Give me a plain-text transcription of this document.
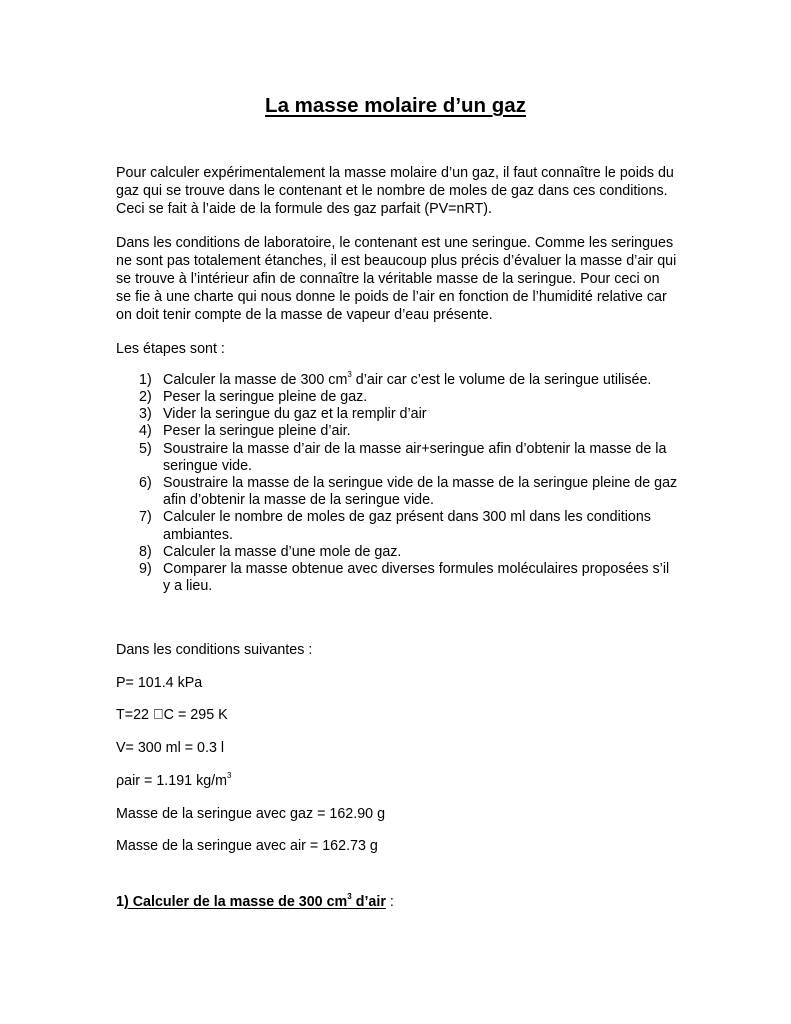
La masse molaire d’un gaz

Pour calculer expérimentalement la masse molaire d’un gaz, il faut connaître le poids du gaz qui se trouve dans le contenant et le nombre de moles de gaz dans ces conditions. Ceci se fait à l’aide de la formule des gaz parfait (PV=nRT).

Dans les conditions de laboratoire, le contenant est une seringue. Comme les seringues ne sont pas totalement étanches, il est beaucoup plus précis d’évaluer la masse d’air qui se trouve à l’intérieur afin de connaître la véritable masse de la seringue. Pour ceci on se fie à une charte qui nous donne le poids de l’air en fonction de l’humidité relative car on doit tenir compte de la masse de vapeur d’eau présente.

Les étapes sont :

1) Calculer la masse de 300 $cm^3$ d’air car c’est le volume de la seringue utilisée.
2) Peser la seringue pleine de gaz.
3) Vider la seringue du gaz et la remplir d’air
4) Peser la seringue pleine d’air.
5) Soustraire la masse d’air de la masse air+seringue afin d’obtenir la masse de la seringue vide.
6) Soustraire la masse de la seringue vide de la masse de la seringue pleine de gaz afin d’obtenir la masse de la seringue vide.
7) Calculer le nombre de moles de gaz présent dans 300 ml dans les conditions ambiantes.
8) Calculer la masse d’une mole de gaz.
9) Comparer la masse obtenue avec diverses formules moléculaires proposées s’il y a lieu.

Dans les conditions suivantes :

P= 101.4 kPa

T=22 C = 295 K

V= 300 ml = 0.3 l

ρair = 1.191 $kg/m^3$

Masse de la seringue avec gaz = 162.90 g

Masse de la seringue avec air = 162.73 g

1) Calculer de la masse de 300 $cm^3$ d’air :
